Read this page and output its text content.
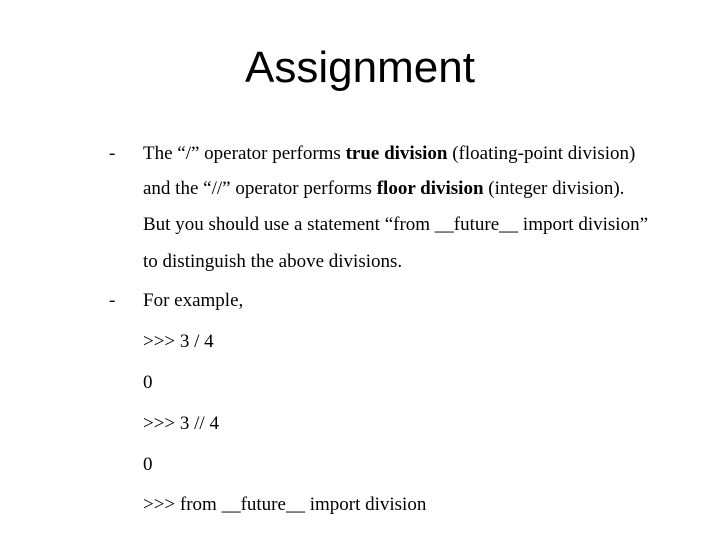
Assignment
- The “/” operator performs true division (floating-point division)
and the “//” operator performs floor division (integer division).
But you should use a statement “from __future__ import division”
to distinguish the above divisions.
- For example,
>>> 3 / 4
0
>>> 3 // 4
0
>>> from __future__ import division
